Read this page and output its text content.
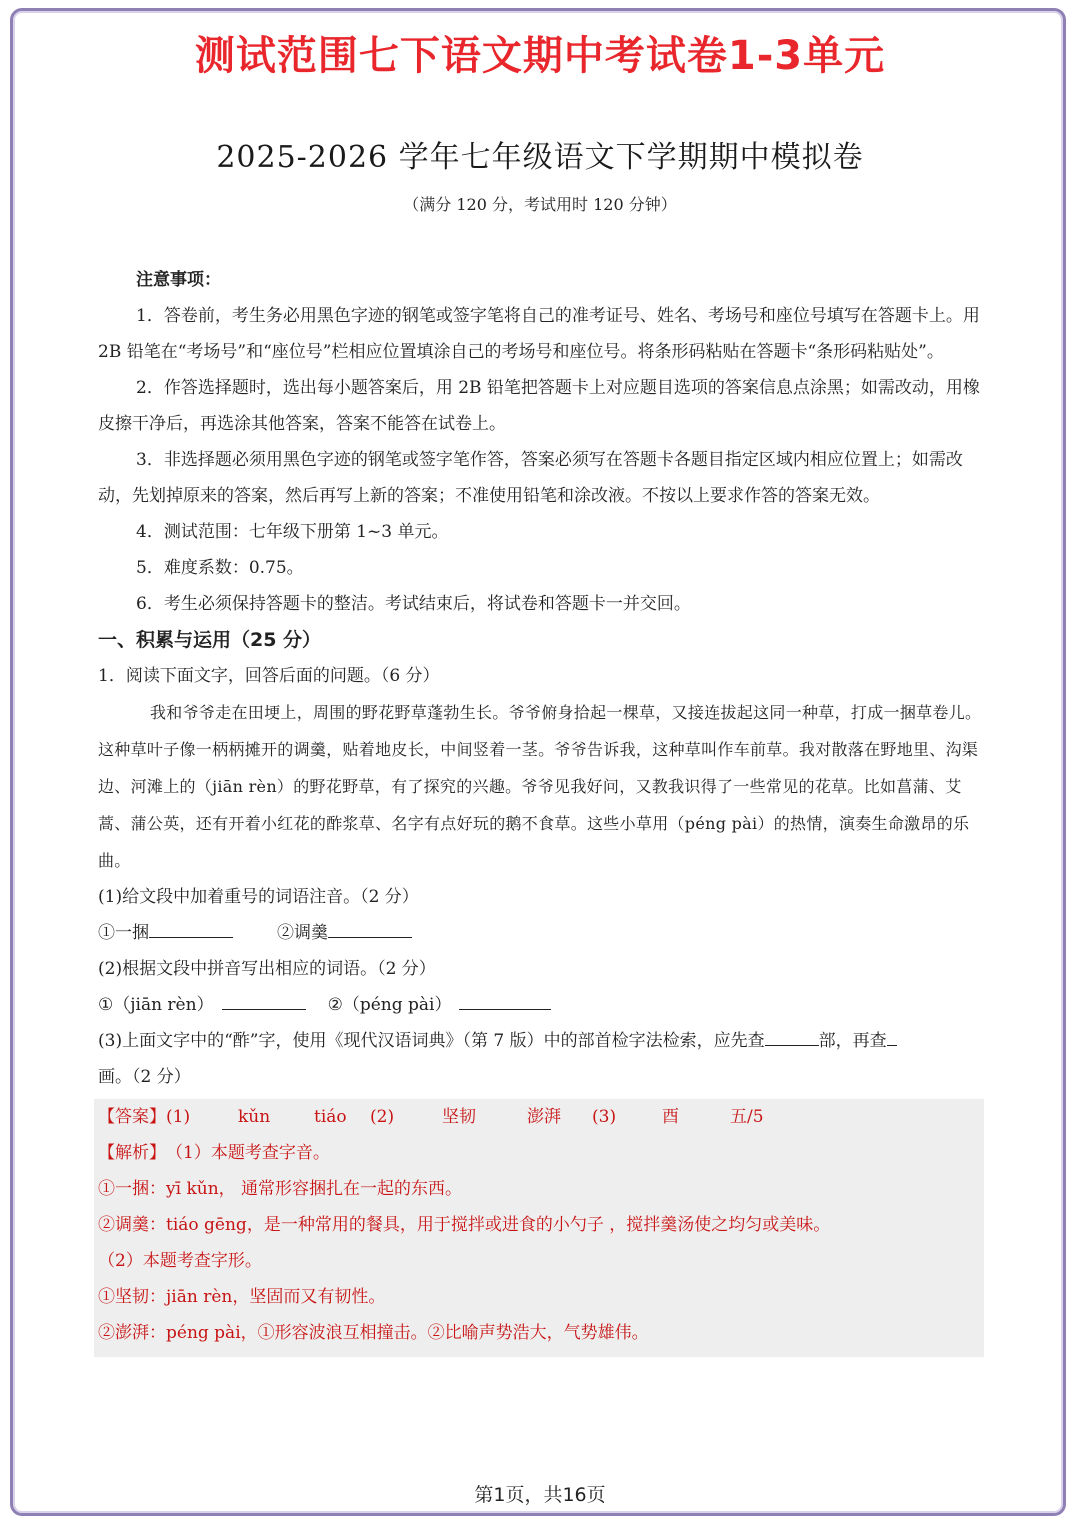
测试范围七下语文期中考试卷1-3单元
2025-2026 学年七年级语文下学期期中模拟卷
（满分 120 分，考试用时 120 分钟）

注意事项：

1．答卷前，考生务必用黑色字迹的钢笔或签字笔将自己的准考证号、姓名、考场号和座位号填写在答题卡上。用 2B 铅笔在“考场号”和“座位号”栏相应位置填涂自己的考场号和座位号。将条形码粘贴在答题卡“条形码粘贴处”。

2．作答选择题时，选出每小题答案后，用 2B 铅笔把答题卡上对应题目选项的答案信息点涂黑；如需改动，用橡皮擦干净后，再选涂其他答案，答案不能答在试卷上。

3．非选择题必须用黑色字迹的钢笔或签字笔作答，答案必须写在答题卡各题目指定区域内相应位置上；如需改动，先划掉原来的答案，然后再写上新的答案；不准使用铅笔和涂改液。不按以上要求作答的答案无效。

4．测试范围：七年级下册第 1~3 单元。

5．难度系数：0.75。

6．考生必须保持答题卡的整洁。考试结束后，将试卷和答题卡一并交回。

一、积累与运用（25 分）

1．阅读下面文字，回答后面的问题。（6 分）

我和爷爷走在田埂上，周围的野花野草蓬勃生长。爷爷俯身拾起一棵草，又接连拔起这同一种草，打成一捆草卷儿。这种草叶子像一柄柄摊开的调羹，贴着地皮长，中间竖着一茎。爷爷告诉我，这种草叫作车前草。我对散落在野地里、沟渠边、河滩上的（jiān rèn）的野花野草，有了探究的兴趣。爷爷见我好问，又教我识得了一些常见的花草。比如菖蒲、艾蒿、蒲公英，还有开着小红花的酢浆草、名字有点好玩的鹅不食草。这些小草用（péng pài）的热情，演奏生命激昂的乐曲。

(1)给文段中加着重号的词语注音。（2 分）

①一捆	②调羹

(2)根据文段中拼音写出相应的词语。（2 分）

①（jiān rèn）	②（péng pài）

(3)上面文字中的“酢”字，使用《现代汉语词典》（第 7 版）中的部首检字法检索，应先查	部，再查画。（2 分）

【答案】 (1)	kǔn	tiáo	(2)	坚韧	澎湃	(3)	酉	五/5
【解析】 （1）本题考查字音。
①一捆：yī kǔn， 通常形容捆扎在一起的东西。
②调羹：tiáo gēng，是一种常用的餐具，用于搅拌或进食的小勺子 ，搅拌羹汤使之均匀或美味。
（2）本题考查字形。
①坚韧：jiān rèn，坚固而又有韧性。
②澎湃：péng pài，①形容波浪互相撞击。②比喻声势浩大，气势雄伟。
第1页，共16页
